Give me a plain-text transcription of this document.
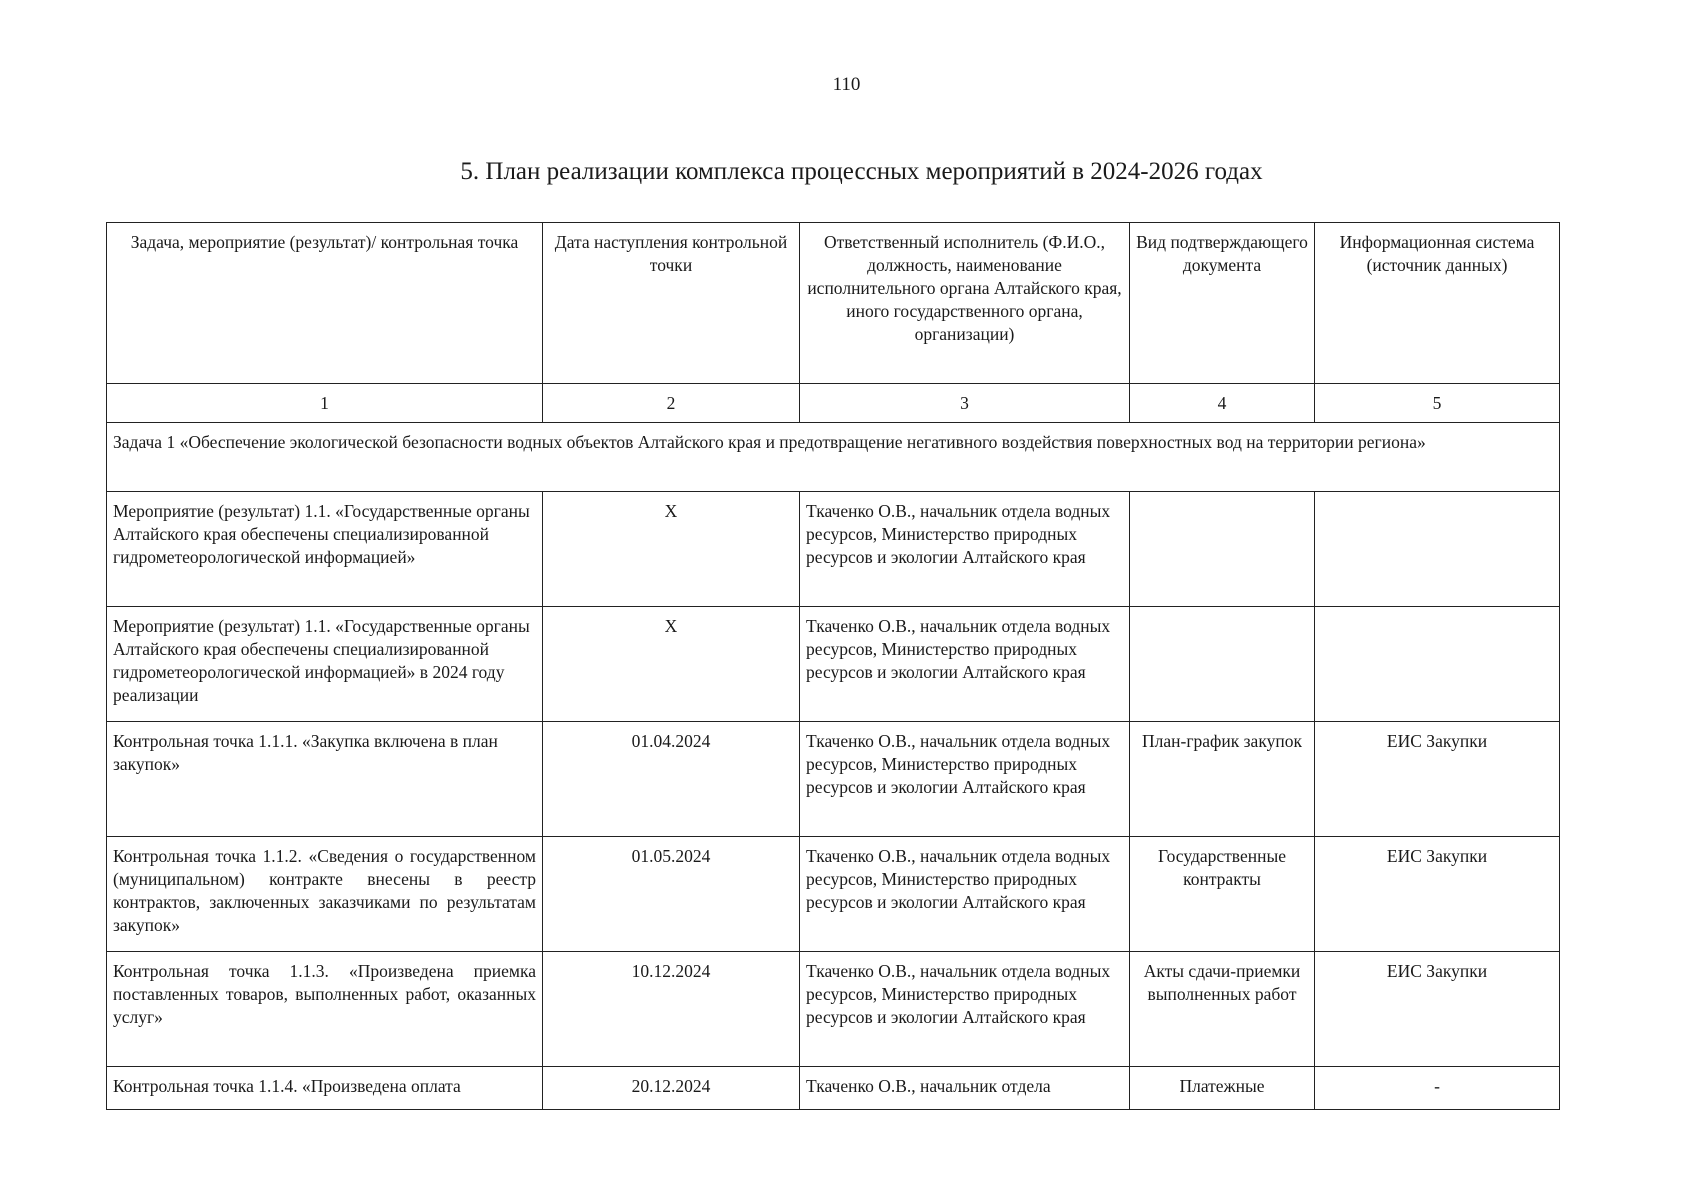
110
5. План реализации комплекса процессных мероприятий в 2024-2026 годах
Задача, мероприятие (результат)/ контрольная точка	Дата наступления контрольной точки	Ответственный исполнитель (Ф.И.О., должность, наименование исполнительного органа Алтайского края, иного государственного органа, организации)	Вид подтверждающего документа	Информационная система (источник данных)
1	2	3	4	5
Задача 1 «Обеспечение экологической безопасности водных объектов Алтайского края и предотвращение негативного воздействия поверхностных вод на территории региона»				
Мероприятие (результат) 1.1. «Государственные органы Алтайского края обеспечены специализированной гидрометеорологической информацией»	Х	Ткаченко О.В., начальник отдела водных ресурсов, Министерство природных ресурсов и экологии Алтайского края		
Мероприятие (результат) 1.1. «Государственные органы Алтайского края обеспечены специализированной гидрометеорологической информацией» в 2024 году реализации	Х	Ткаченко О.В., начальник отдела водных ресурсов, Министерство природных ресурсов и экологии Алтайского края		
Контрольная точка 1.1.1. «Закупка включена в план закупок»	01.04.2024	Ткаченко О.В., начальник отдела водных ресурсов, Министерство природных ресурсов и экологии Алтайского края	План-график закупок	ЕИС Закупки
Контрольная точка 1.1.2. «Сведения о государственном (муниципальном) контракте внесены в реестр контрактов, заключенных заказчиками по результатам закупок»	01.05.2024	Ткаченко О.В., начальник отдела водных ресурсов, Министерство природных ресурсов и экологии Алтайского края	Государственные контракты	ЕИС Закупки
Контрольная точка 1.1.3. «Произведена приемка поставленных товаров, выполненных работ, оказанных услуг»	10.12.2024	Ткаченко О.В., начальник отдела водных ресурсов, Министерство природных ресурсов и экологии Алтайского края	Акты сдачи-приемки выполненных работ	ЕИС Закупки
Контрольная точка 1.1.4. «Произведена оплата	20.12.2024	Ткаченко О.В., начальник отдела	Платежные	-
